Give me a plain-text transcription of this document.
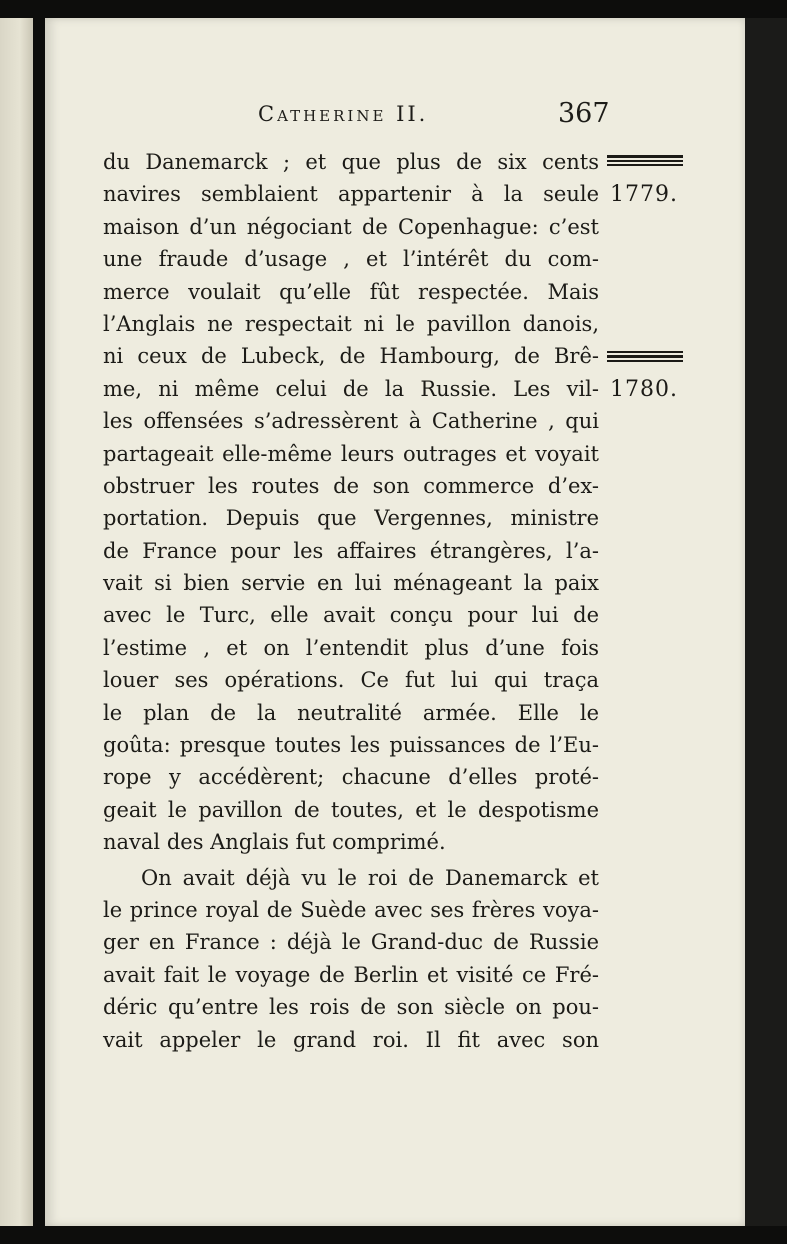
Catherine II.	367
1779.
1780.
du Danemarck ; et que plus de six cents
navires semblaient appartenir à la seule
maison d’un négociant de Copenhague: c’est
une fraude d’usage , et l’intérêt du com-
merce voulait qu’elle fût respectée. Mais
l’Anglais ne respectait ni le pavillon danois,
ni ceux de Lubeck, de Hambourg, de Brê-
me, ni même celui de la Russie. Les vil-
les offensées s’adressèrent à Catherine , qui
partageait elle-même leurs outrages et voyait
obstruer les routes de son commerce d’ex-
portation. Depuis que Vergennes, ministre
de France pour les affaires étrangères, l’a-
vait si bien servie en lui ménageant la paix
avec le Turc, elle avait conçu pour lui de
l’estime , et on l’entendit plus d’une fois
louer ses opérations. Ce fut lui qui traça
le plan de la neutralité armée. Elle le
goûta: presque toutes les puissances de l’Eu-
rope y accédèrent; chacune d’elles proté-
geait le pavillon de toutes, et le despotisme
naval des Anglais fut comprimé.
On avait déjà vu le roi de Danemarck et
le prince royal de Suède avec ses frères voya-
ger en France : déjà le Grand-duc de Russie
avait fait le voyage de Berlin et visité ce Fré-
déric qu’entre les rois de son siècle on pou-
vait appeler le grand roi. Il fit avec son
